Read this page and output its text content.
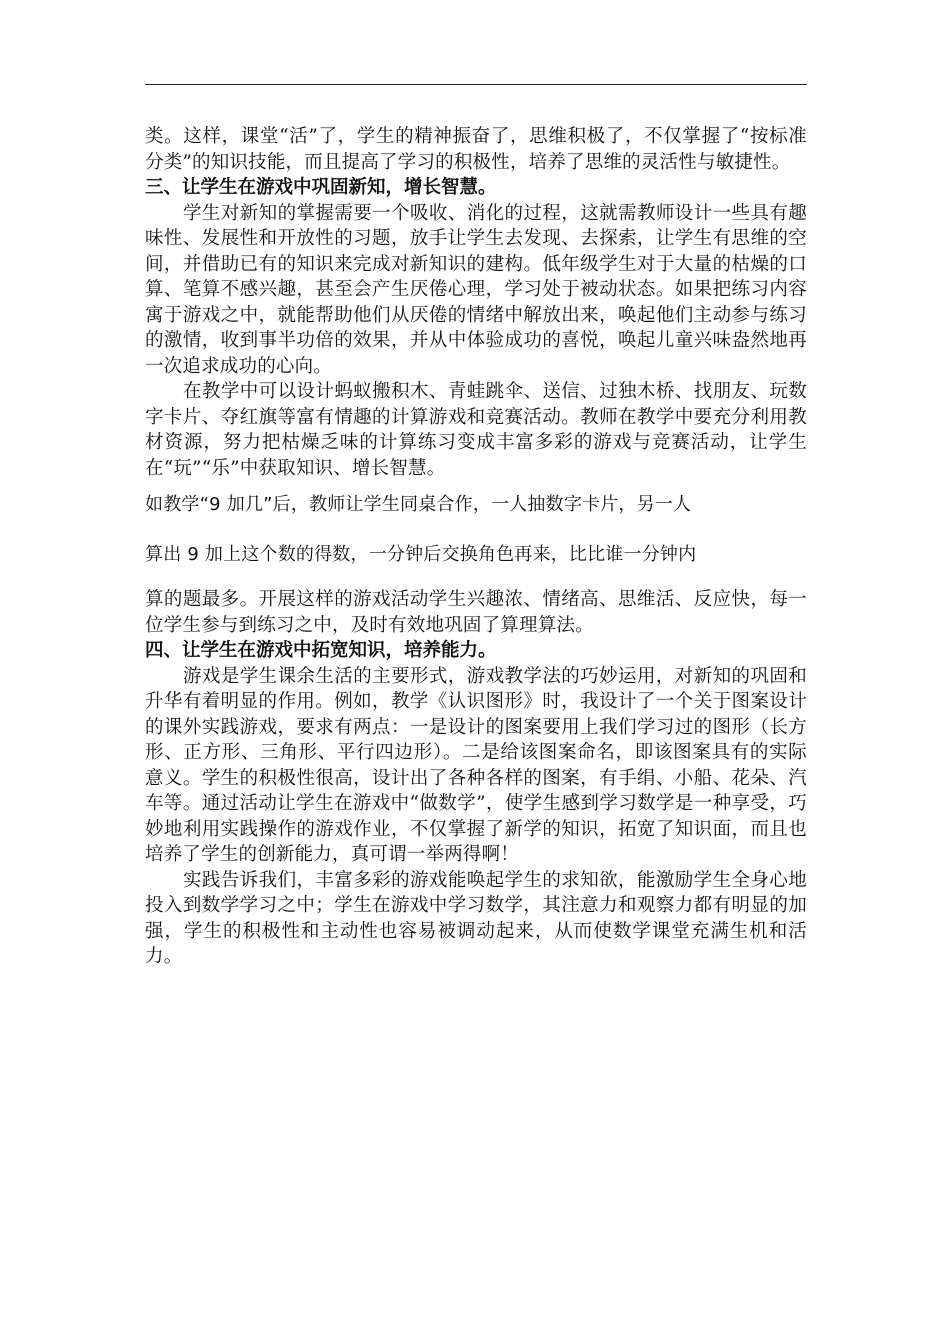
类。这样，课堂“活”了，学生的精神振奋了，思维积极了，不仅掌握了“按标准分类”的知识技能，而且提高了学习的积极性，培养了思维的灵活性与敏捷性。

三、让学生在游戏中巩固新知，增长智慧。

学生对新知的掌握需要一个吸收、消化的过程，这就需教师设计一些具有趣味性、发展性和开放性的习题，放手让学生去发现、去探索，让学生有思维的空间，并借助已有的知识来完成对新知识的建构。低年级学生对于大量的枯燥的口算、笔算不感兴趣，甚至会产生厌倦心理，学习处于被动状态。如果把练习内容寓于游戏之中，就能帮助他们从厌倦的情绪中解放出来，唤起他们主动参与练习的激情，收到事半功倍的效果，并从中体验成功的喜悦，唤起儿童兴味盎然地再一次追求成功的心向。

在教学中可以设计蚂蚁搬积木、青蛙跳伞、送信、过独木桥、找朋友、玩数字卡片、夺红旗等富有情趣的计算游戏和竞赛活动。教师在教学中要充分利用教材资源，努力把枯燥乏味的计算练习变成丰富多彩的游戏与竞赛活动，让学生在“玩”“乐”中获取知识、增长智慧。

如教学“9 加几”后，教师让学生同桌合作，一人抽数字卡片，另一人

算出 9 加上这个数的得数，一分钟后交换角色再来，比比谁一分钟内

算的题最多。开展这样的游戏活动学生兴趣浓、情绪高、思维活、反应快，每一位学生参与到练习之中，及时有效地巩固了算理算法。

四、让学生在游戏中拓宽知识，培养能力。

游戏是学生课余生活的主要形式，游戏教学法的巧妙运用，对新知的巩固和升华有着明显的作用。例如，教学《认识图形》时，我设计了一个关于图案设计的课外实践游戏，要求有两点：一是设计的图案要用上我们学习过的图形（长方形、正方形、三角形、平行四边形）。二是给该图案命名，即该图案具有的实际意义。学生的积极性很高，设计出了各种各样的图案，有手绢、小船、花朵、汽车等。通过活动让学生在游戏中“做数学”，使学生感到学习数学是一种享受，巧妙地利用实践操作的游戏作业，不仅掌握了新学的知识，拓宽了知识面，而且也培养了学生的创新能力，真可谓一举两得啊！

实践告诉我们，丰富多彩的游戏能唤起学生的求知欲，能激励学生全身心地投入到数学学习之中；学生在游戏中学习数学，其注意力和观察力都有明显的加强，学生的积极性和主动性也容易被调动起来，从而使数学课堂充满生机和活力。
